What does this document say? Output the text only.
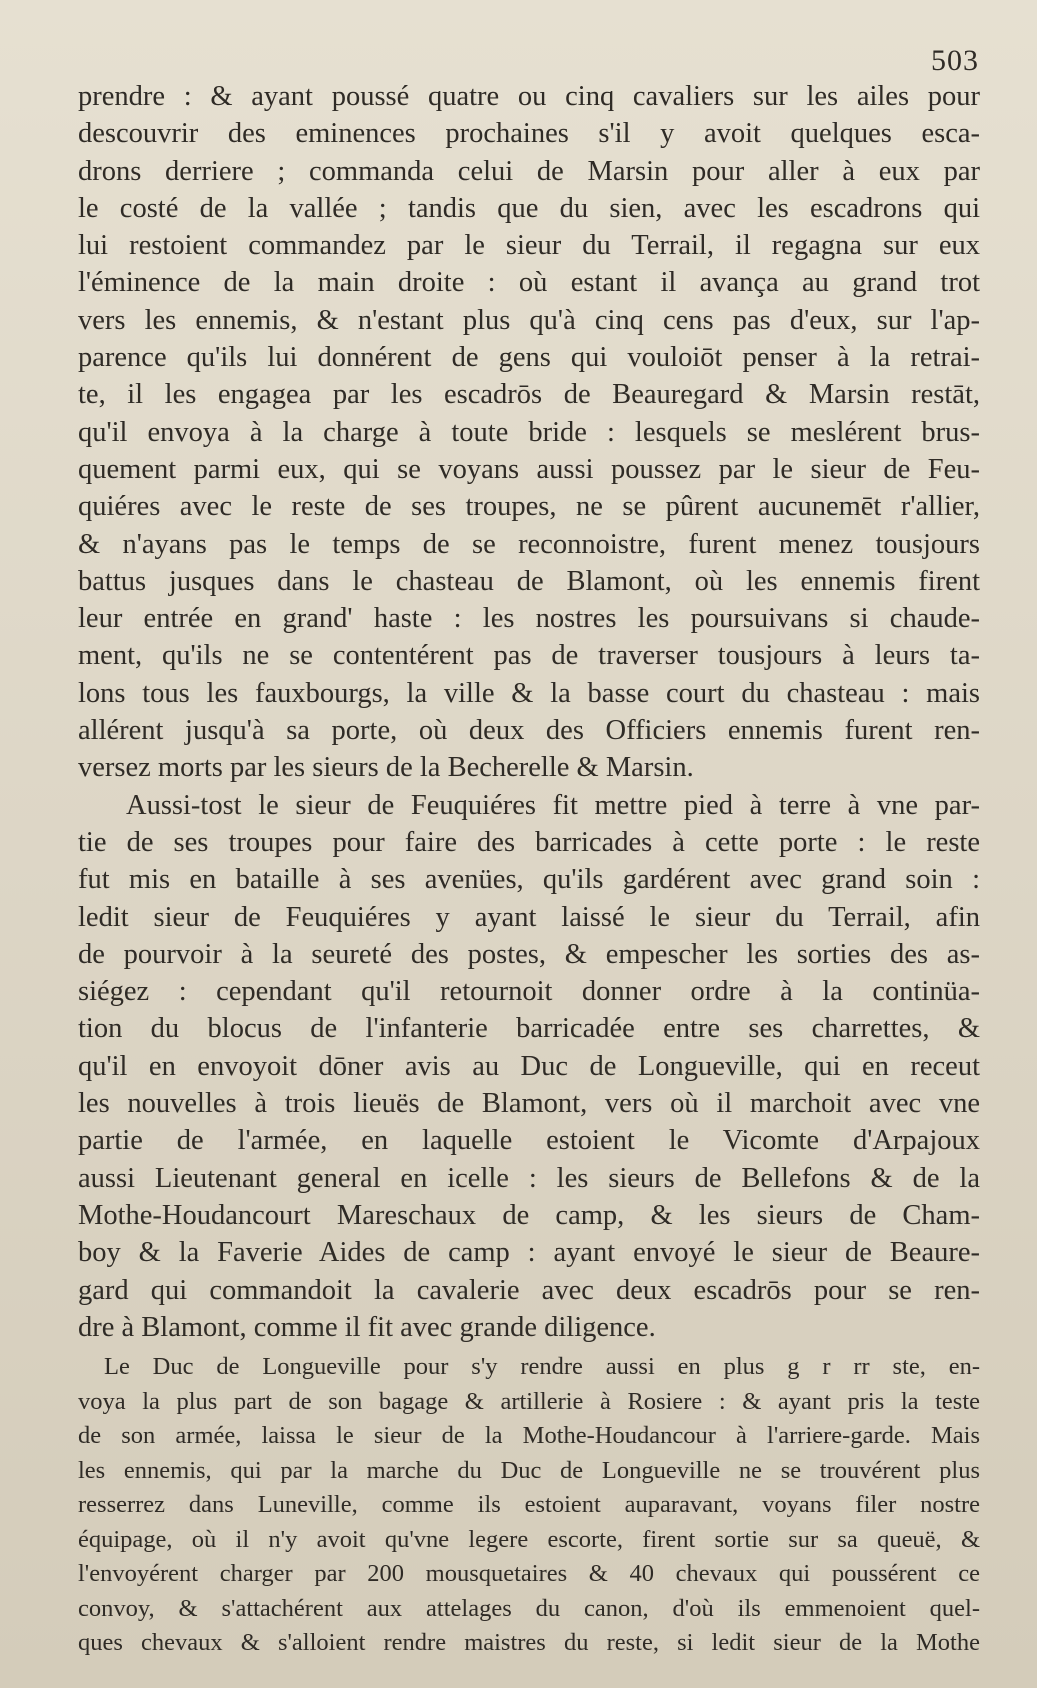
503
prendre : & ayant poussé quatre ou cinq cavaliers sur les ailes pour
descouvrir des eminences prochaines s'il y avoit quelques esca-
drons derriere ; commanda celui de Marsin pour aller à eux par
le costé de la vallée ; tandis que du sien, avec les escadrons qui
lui restoient commandez par le sieur du Terrail, il regagna sur eux
l'éminence de la main droite : où estant il avança au grand trot
vers les ennemis, & n'estant plus qu'à cinq cens pas d'eux, sur l'ap-
parence qu'ils lui donnérent de gens qui vouloiōt penser à la retrai-
te, il les engagea par les escadrōs de Beauregard & Marsin restāt,
qu'il envoya à la charge à toute bride : lesquels se meslérent brus-
quement parmi eux, qui se voyans aussi poussez par le sieur de Feu-
quiéres avec le reste de ses troupes, ne se pûrent aucunemēt r'allier,
& n'ayans pas le temps de se reconnoistre, furent menez tousjours
battus jusques dans le chasteau de Blamont, où les ennemis firent
leur entrée en grand' haste : les nostres les poursuivans si chaude-
ment, qu'ils ne se contentérent pas de traverser tousjours à leurs ta-
lons tous les fauxbourgs, la ville & la basse court du chasteau : mais
allérent jusqu'à sa porte, où deux des Officiers ennemis furent ren-
versez morts par les sieurs de la Becherelle & Marsin.
Aussi-tost le sieur de Feuquiéres fit mettre pied à terre à vne par-
tie de ses troupes pour faire des barricades à cette porte : le reste
fut mis en bataille à ses avenües, qu'ils gardérent avec grand soin :
ledit sieur de Feuquiéres y ayant laissé le sieur du Terrail, afin
de pourvoir à la seureté des postes, & empescher les sorties des as-
siégez : cependant qu'il retournoit donner ordre à la continüa-
tion du blocus de l'infanterie barricadée entre ses charrettes, &
qu'il en envoyoit dōner avis au Duc de Longueville, qui en receut
les nouvelles à trois lieuës de Blamont, vers où il marchoit avec vne
partie de l'armée, en laquelle estoient le Vicomte d'Arpajoux
aussi Lieutenant general en icelle : les sieurs de Bellefons & de la
Mothe-Houdancourt Mareschaux de camp, & les sieurs de Cham-
boy & la Faverie Aides de camp : ayant envoyé le sieur de Beaure-
gard qui commandoit la cavalerie avec deux escadrōs pour se ren-
dre à Blamont, comme il fit avec grande diligence.
Le Duc de Longueville pour s'y rendre aussi en plus g r rr ste, en-
voya la plus part de son bagage & artillerie à Rosiere : & ayant pris la teste
de son armée, laissa le sieur de la Mothe-Houdancour à l'arriere-garde. Mais
les ennemis, qui par la marche du Duc de Longueville ne se trouvérent plus
resserrez dans Luneville, comme ils estoient auparavant, voyans filer nostre
équipage, où il n'y avoit qu'vne legere escorte, firent sortie sur sa queuë, &
l'envoyérent charger par 200 mousquetaires & 40 chevaux qui poussérent ce
convoy, & s'attachérent aux attelages du canon, d'où ils emmenoient quel-
ques chevaux & s'alloient rendre maistres du reste, si ledit sieur de la Mothe
